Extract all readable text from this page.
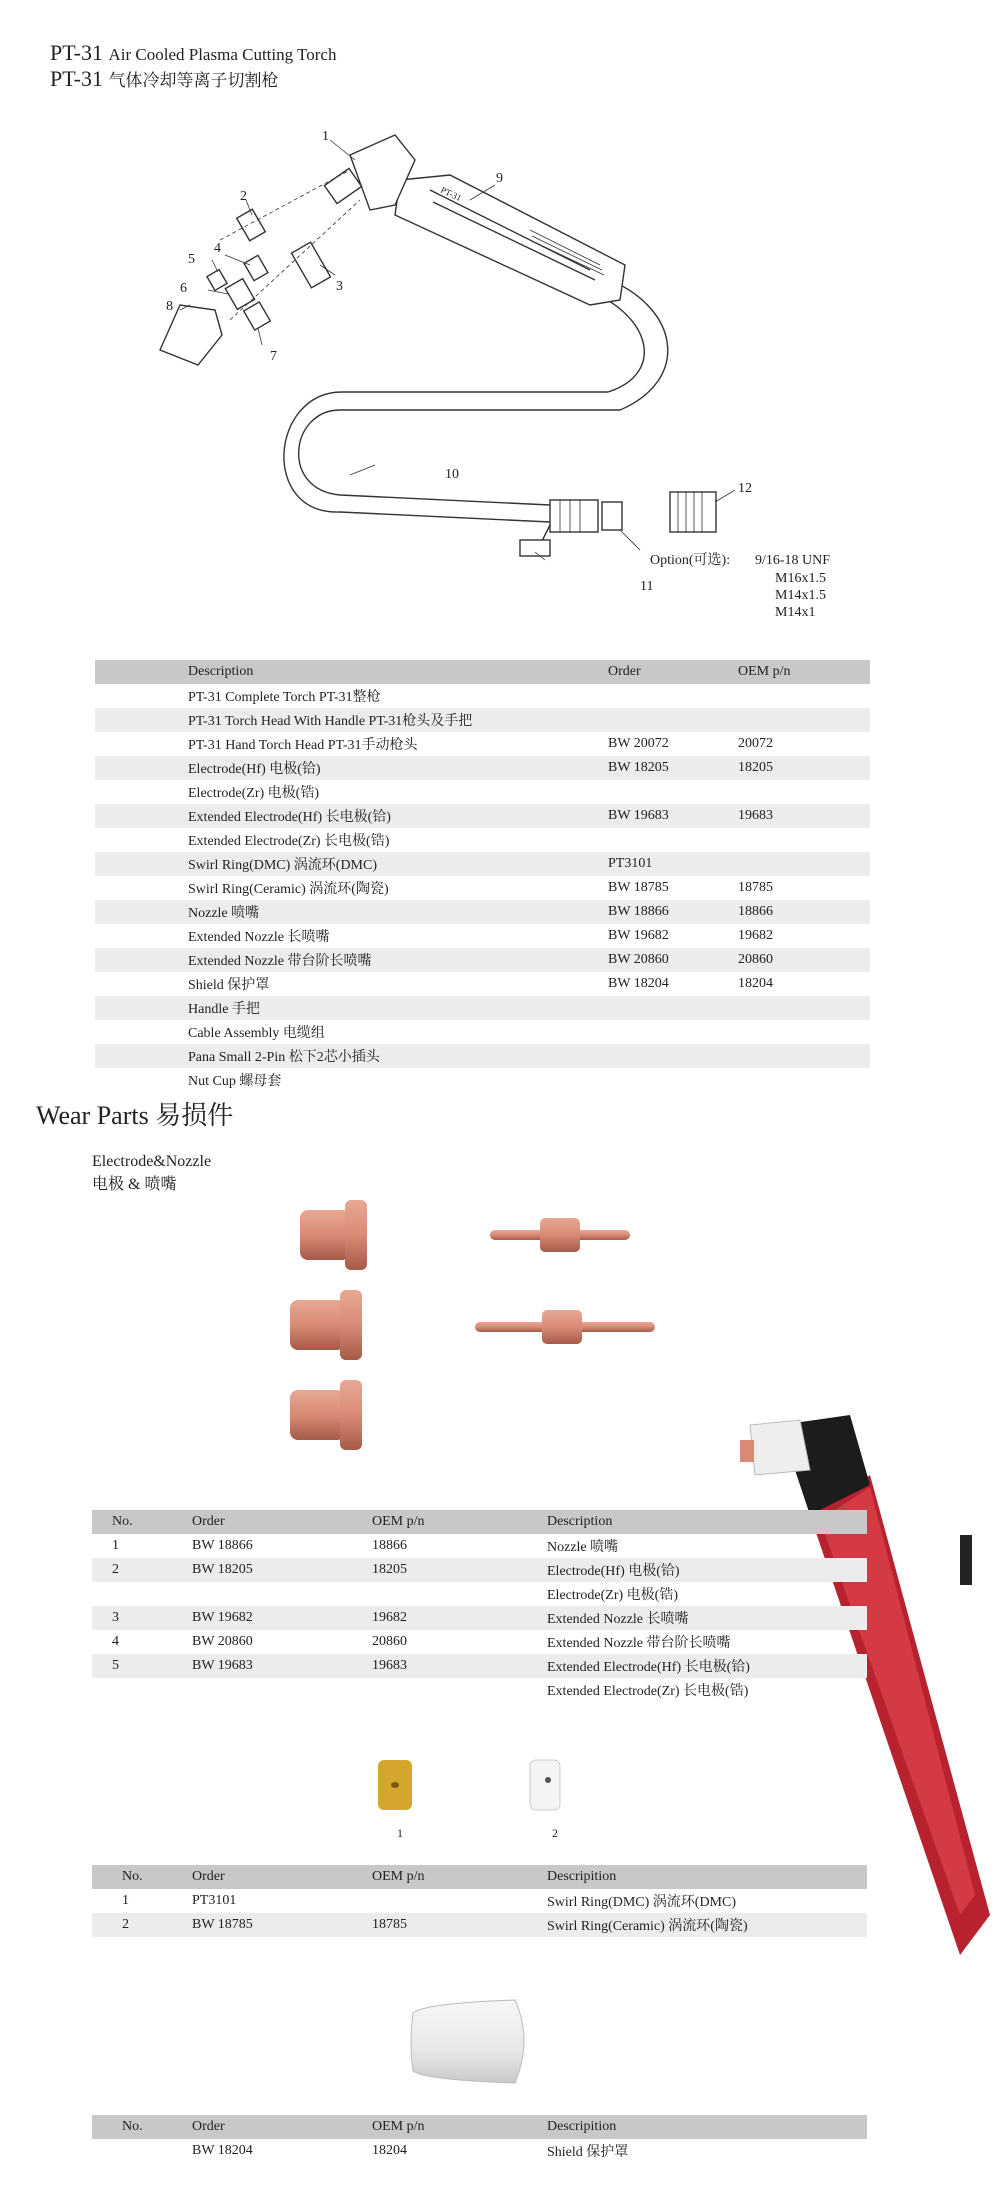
PT-31 Air Cooled Plasma Cutting Torch
PT-31 气体冷却等离子切割枪
1
2
3
4
5
6
7
8
9
10
11
12
PT-31
Option(可选): 9/16-18 UNF
M16x1.5
M14x1.5
M14x1
	Description	Order	OEM p/n
	PT-31 Complete Torch PT-31整枪		
	PT-31 Torch Head With Handle PT-31枪头及手把		
	PT-31 Hand Torch Head PT-31手动枪头	BW 20072	20072
	Electrode(Hf) 电极(铪)	BW 18205	18205
	Electrode(Zr) 电极(锆)		
	Extended Electrode(Hf) 长电极(铪)	BW 19683	19683
	Extended Electrode(Zr) 长电极(锆)		
	Swirl Ring(DMC) 涡流环(DMC)	PT3101	
	Swirl Ring(Ceramic) 涡流环(陶瓷)	BW 18785	18785
	Nozzle 喷嘴	BW 18866	18866
	Extended Nozzle 长喷嘴	BW 19682	19682
	Extended Nozzle 带台阶长喷嘴	BW 20860	20860
	Shield 保护罩	BW 18204	18204
	Handle 手把		
	Cable Assembly 电缆组		
	Pana Small 2-Pin 松下2芯小插头		
	Nut Cup 螺母套		
Wear Parts 易损件
Electrode&Nozzle
电极 & 喷嘴
No.	Order	OEM p/n	Description
1	BW 18866	18866	Nozzle 喷嘴
2	BW 18205	18205	Electrode(Hf) 电极(铪)
			Electrode(Zr) 电极(锆)
3	BW 19682	19682	Extended Nozzle 长喷嘴
4	BW 20860	20860	Extended Nozzle 带台阶长喷嘴
5	BW 19683	19683	Extended Electrode(Hf) 长电极(铪)
			Extended Electrode(Zr) 长电极(锆)
1	2
No.	Order	OEM p/n	Descripition
1	PT3101		Swirl Ring(DMC) 涡流环(DMC)
2	BW 18785	18785	Swirl Ring(Ceramic) 涡流环(陶瓷)
No.	Order	OEM p/n	Descripition
	BW 18204	18204	Shield 保护罩
